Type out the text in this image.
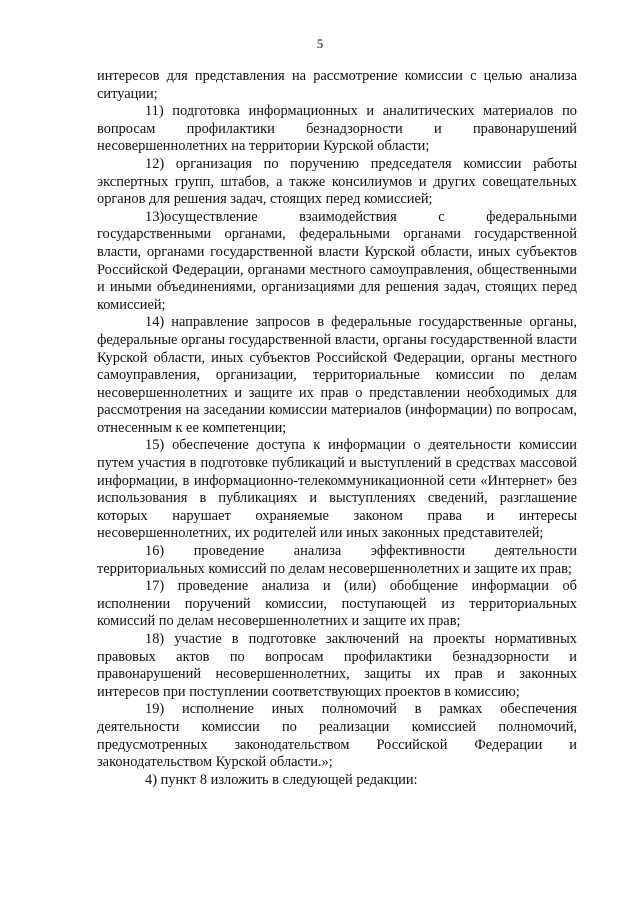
5

интересов для представления на рассмотрение комиссии с целью анализа ситуации;

11) подготовка информационных и аналитических материалов по вопросам профилактики безнадзорности и правонарушений несовершеннолетних на территории Курской области;

12) организация по поручению председателя комиссии работы экспертных групп, штабов, а также консилиумов и других совещательных органов для решения задач, стоящих перед комиссией;

13)осуществление взаимодействия с федеральными государственными органами, федеральными органами государственной власти, органами государственной власти Курской области, иных субъектов Российской Федерации, органами местного самоуправления, общественными и иными объединениями, организациями для решения задач, стоящих перед комиссией;

14) направление запросов в федеральные государственные органы, федеральные органы государственной власти, органы государственной власти Курской области, иных субъектов Российской Федерации, органы местного самоуправления, организации, территориальные комиссии по делам несовершеннолетних и защите их прав о представлении необходимых для рассмотрения на заседании комиссии материалов (информации) по вопросам, отнесенным к ее компетенции;

15) обеспечение доступа к информации о деятельности комиссии путем участия в подготовке публикаций и выступлений в средствах массовой информации, в информационно-телекоммуникационной сети «Интернет» без использования в публикациях и выступлениях сведений, разглашение которых нарушает охраняемые законом права и интересы несовершеннолетних, их родителей или иных законных представителей;

16) проведение анализа эффективности деятельности территориальных комиссий по делам несовершеннолетних и защите их прав;

17) проведение анализа и (или) обобщение информации об исполнении поручений комиссии, поступающей из территориальных комиссий по делам несовершеннолетних и защите их прав;

18) участие в подготовке заключений на проекты нормативных правовых актов по вопросам профилактики безнадзорности и правонарушений несовершеннолетних, защиты их прав и законных интересов при поступлении соответствующих проектов в комиссию;

19) исполнение иных полномочий в рамках обеспечения деятельности комиссии по реализации комиссией полномочий, предусмотренных законодательством Российской Федерации и законодательством Курской области.»;

4) пункт 8 изложить в следующей редакции:
